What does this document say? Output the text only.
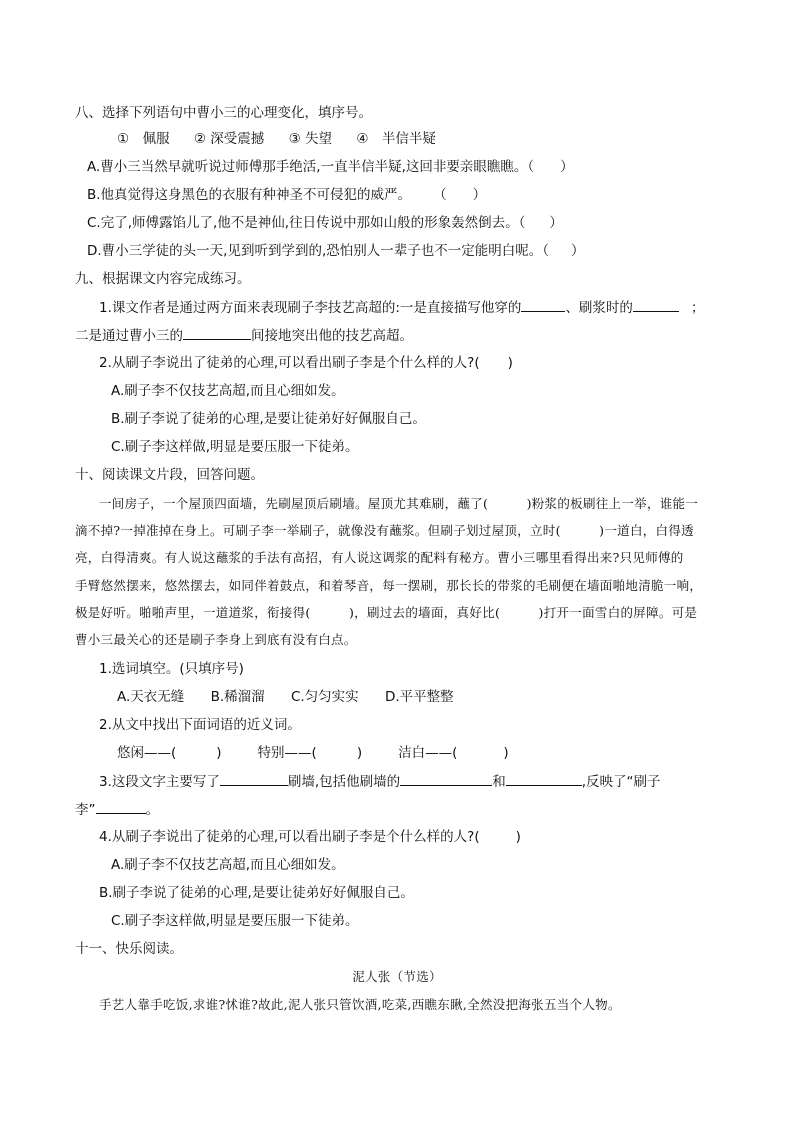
八、选择下列语句中曹小三的心理变化，填序号。
①　佩服 ② 深受震撼 ③ 失望 ④　半信半疑
A.曹小三当然早就听说过师傅那手绝活,一直半信半疑,这回非要亲眼瞧瞧。（ ）
B.他真觉得这身黑色的衣服有种神圣不可侵犯的威严。 （ ）
C.完了,师傅露馅儿了,他不是神仙,往日传说中那如山般的形象轰然倒去。（ ）
D.曹小三学徒的头一天,见到听到学到的,恐怕别人一辈子也不一定能明白呢。（ ）
九、根据课文内容完成练习。
1.课文作者是通过两方面来表现刷子李技艺高超的:一是直接描写他穿的	、刷浆时的	；
二是通过曹小三的	间接地突出他的技艺高超。
2.从刷子李说出了徒弟的心理,可以看出刷子李是个什么样的人?( )
A.刷子李不仅技艺高超,而且心细如发。
B.刷子李说了徒弟的心理,是要让徒弟好好佩服自己。
C.刷子李这样做,明显是要压服一下徒弟。
十、阅读课文片段，回答问题。
一间房子，一个屋顶四面墙，先刷屋顶后刷墙。屋顶尤其难刷，蘸了(　　　)粉浆的板刷往上一举，谁能一
滴不掉?一掉准掉在身上。可刷子李一举刷子，就像没有蘸浆。但刷子划过屋顶，立时(　　　)一道白，白得透
亮，白得清爽。有人说这蘸浆的手法有高招，有人说这调浆的配料有秘方。曹小三哪里看得出来?只见师傅的
手臂悠然摆来，悠然摆去，如同伴着鼓点，和着琴音，每一摆刷，那长长的带浆的毛刷便在墙面啪地清脆一响，
极是好听。啪啪声里，一道道浆，衔接得(　　　)，刷过去的墙面，真好比(　　　)打开一面雪白的屏障。可是
曹小三最关心的还是刷子李身上到底有没有白点。
1.选词填空。(只填序号)
A.天衣无缝 B.稀溜溜 C.匀匀实实 D.平平整整
2.从文中找出下面词语的近义词。
悠闲——(	)	特别——(	)	洁白——(	)
3.这段文字主要写了	刷墙,包括他刷墙的	和	,反映了“刷子
李”	。
4.从刷子李说出了徒弟的心理,可以看出刷子李是个什么样的人?(	)
A.刷子李不仅技艺高超,而且心细如发。
B.刷子李说了徒弟的心理,是要让徒弟好好佩服自己。
C.刷子李这样做,明显是要压服一下徒弟。
十一、快乐阅读。
泥人张（节选）
手艺人靠手吃饭,求谁?怵谁?故此,泥人张只管饮酒,吃菜,西瞧东瞅,全然没把海张五当个人物。
